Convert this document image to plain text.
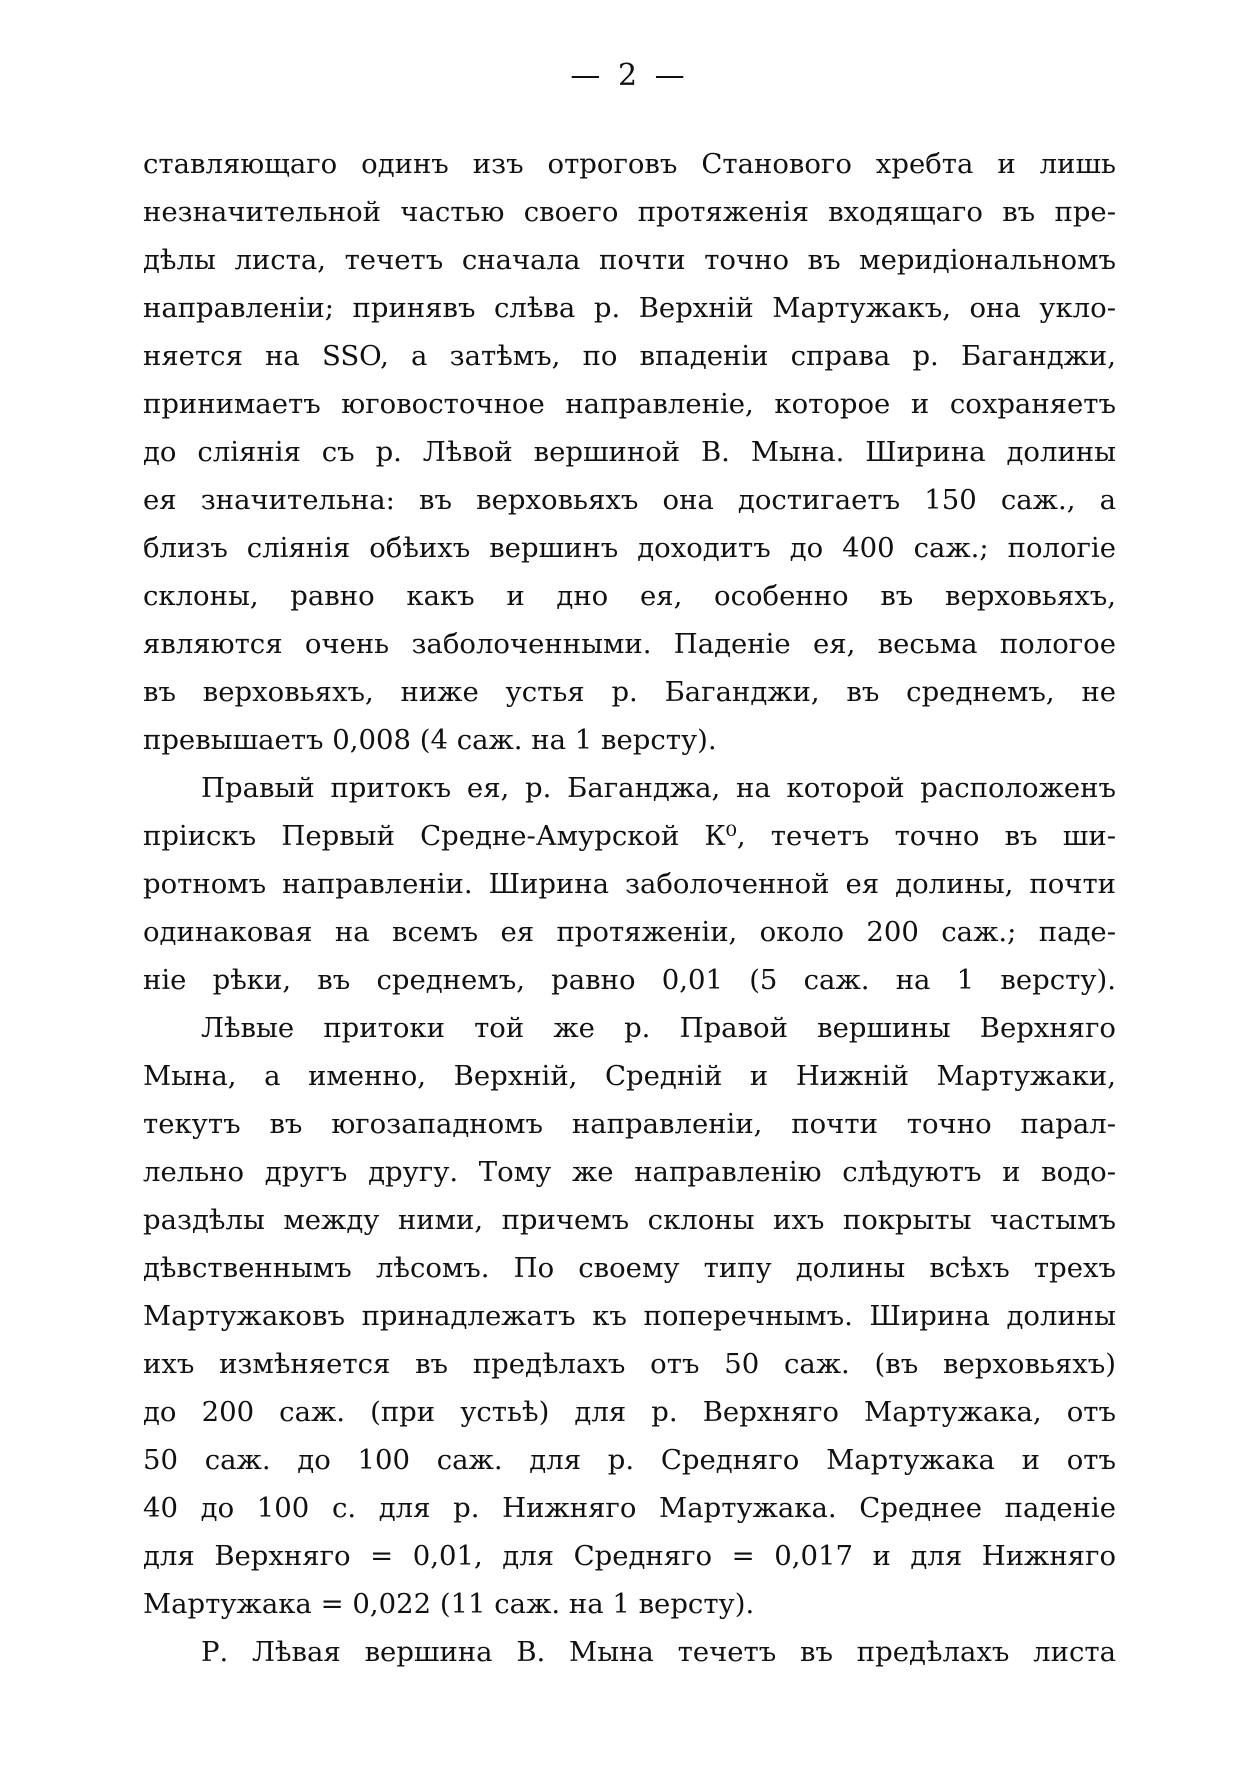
— 2 —
ставляющаго одинъ изъ отроговъ Станового хребта и лишь
незначительной частью своего протяженія входящаго въ пре-
дѣлы листа, течетъ сначала почти точно въ меридіональномъ
направленіи; принявъ слѣва р. Верхній Мартужакъ, она укло-
няется на SSO, а затѣмъ, по впаденіи справа р. Баганджи,
принимаетъ юговосточное направленіе, которое и сохраняетъ
до слiянія съ р. Лѣвой вершиной В. Мына. Ширина долины
ея значительна: въ верховьяхъ она достигаетъ 150 саж., а
близъ сліянія обѣихъ вершинъ доходитъ до 400 саж.; пологіе
склоны, равно какъ и дно ея, особенно въ верховьяхъ,
являются очень заболоченными. Паденіе ея, весьма пологое
въ верховьяхъ, ниже устья р. Баганджи, въ среднемъ, не
превышаетъ 0,008 (4 саж. на 1 версту).
Правый притокъ ея, р. Баганджа, на которой расположенъ
пріискъ Первый Средне-Амурской К⁰, течетъ точно въ ши-
ротномъ направленіи. Ширина заболоченной ея долины, почти
одинаковая на всемъ ея протяженіи, около 200 саж.; паде-
ніе рѣки, въ среднемъ, равно 0,01 (5 саж. на 1 версту).
Лѣвые притоки той же р. Правой вершины Верхняго
Мына, а именно, Верхній, Средній и Нижній Мартужаки,
текутъ въ югозападномъ направленіи, почти точно парал-
лельно другъ другу. Тому же направленію слѣдуютъ и водо-
раздѣлы между ними, причемъ склоны ихъ покрыты частымъ
дѣвственнымъ лѣсомъ. По своему типу долины всѣхъ трехъ
Мартужаковъ принадлежатъ къ поперечнымъ. Ширина долины
ихъ измѣняется въ предѣлахъ отъ 50 саж. (въ верховьяхъ)
до 200 саж. (при устьѣ) для р. Верхняго Мартужака, отъ
50 саж. до 100 саж. для р. Средняго Мартужака и отъ
40 до 100 с. для р. Нижняго Мартужака. Среднее паденіе
для Верхняго = 0,01, для Средняго = 0,017 и для Нижняго
Мартужака = 0,022 (11 саж. на 1 версту).
Р. Лѣвая вершина В. Мына течетъ въ предѣлахъ листа
